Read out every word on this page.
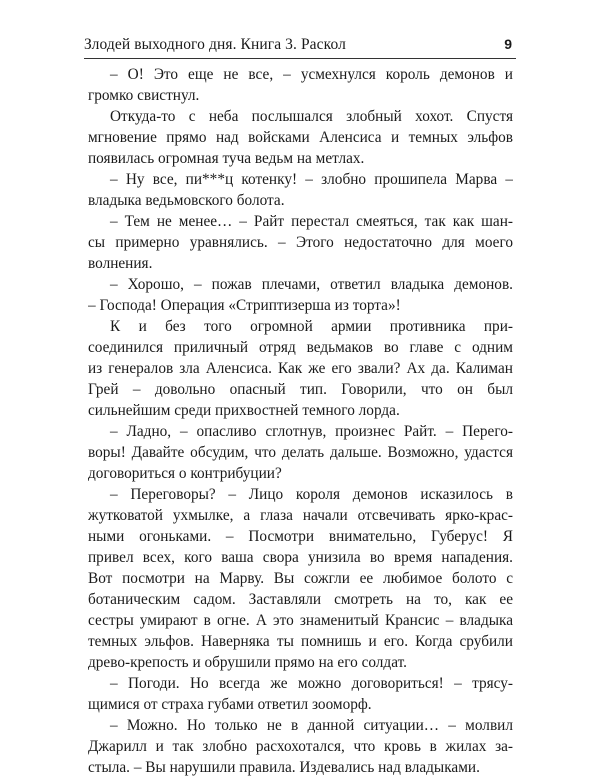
Злодей выходного дня. Книга 3. Раскол	9
– О! Это еще не все, – усмехнулся король демонов и
громко свистнул.
Откуда-то с неба послышался злобный хохот. Спустя
мгновение прямо над войсками Аленсиса и темных эльфов
появилась огромная туча ведьм на метлах.
– Ну все, пи***ц котенку! – злобно прошипела Марва –
владыка ведьмовского болота.
– Тем не менее… – Райт перестал смеяться, так как шан-
сы примерно уравнялись. – Этого недостаточно для моего
волнения.
– Хорошо, – пожав плечами, ответил владыка демонов.
– Господа! Операция «Стриптизерша из торта»!
К и без того огромной армии противника при-
соединился приличный отряд ведьмаков во главе с одним
из генералов зла Аленсиса. Как же его звали? Ах да. Калиман
Грей – довольно опасный тип. Говорили, что он был
сильнейшим среди прихвостней темного лорда.
– Ладно, – опасливо сглотнув, произнес Райт. – Перего-
воры! Давайте обсудим, что делать дальше. Возможно, удастся
договориться о контрибуции?
– Переговоры? – Лицо короля демонов исказилось в
жутковатой ухмылке, а глаза начали отсвечивать ярко-крас-
ными огоньками. – Посмотри внимательно, Губерус! Я
привел всех, кого ваша свора унизила во время нападения.
Вот посмотри на Марву. Вы сожгли ее любимое болото с
ботаническим садом. Заставляли смотреть на то, как ее
сестры умирают в огне. А это знаменитый Крансис – владыка
темных эльфов. Наверняка ты помнишь и его. Когда срубили
древо-крепость и обрушили прямо на его солдат.
– Погоди. Но всегда же можно договориться! – трясу-
щимися от страха губами ответил зооморф.
– Можно. Но только не в данной ситуации… – молвил
Джарилл и так злобно расхохотался, что кровь в жилах за-
стыла. – Вы нарушили правила. Издевались над владыками.
